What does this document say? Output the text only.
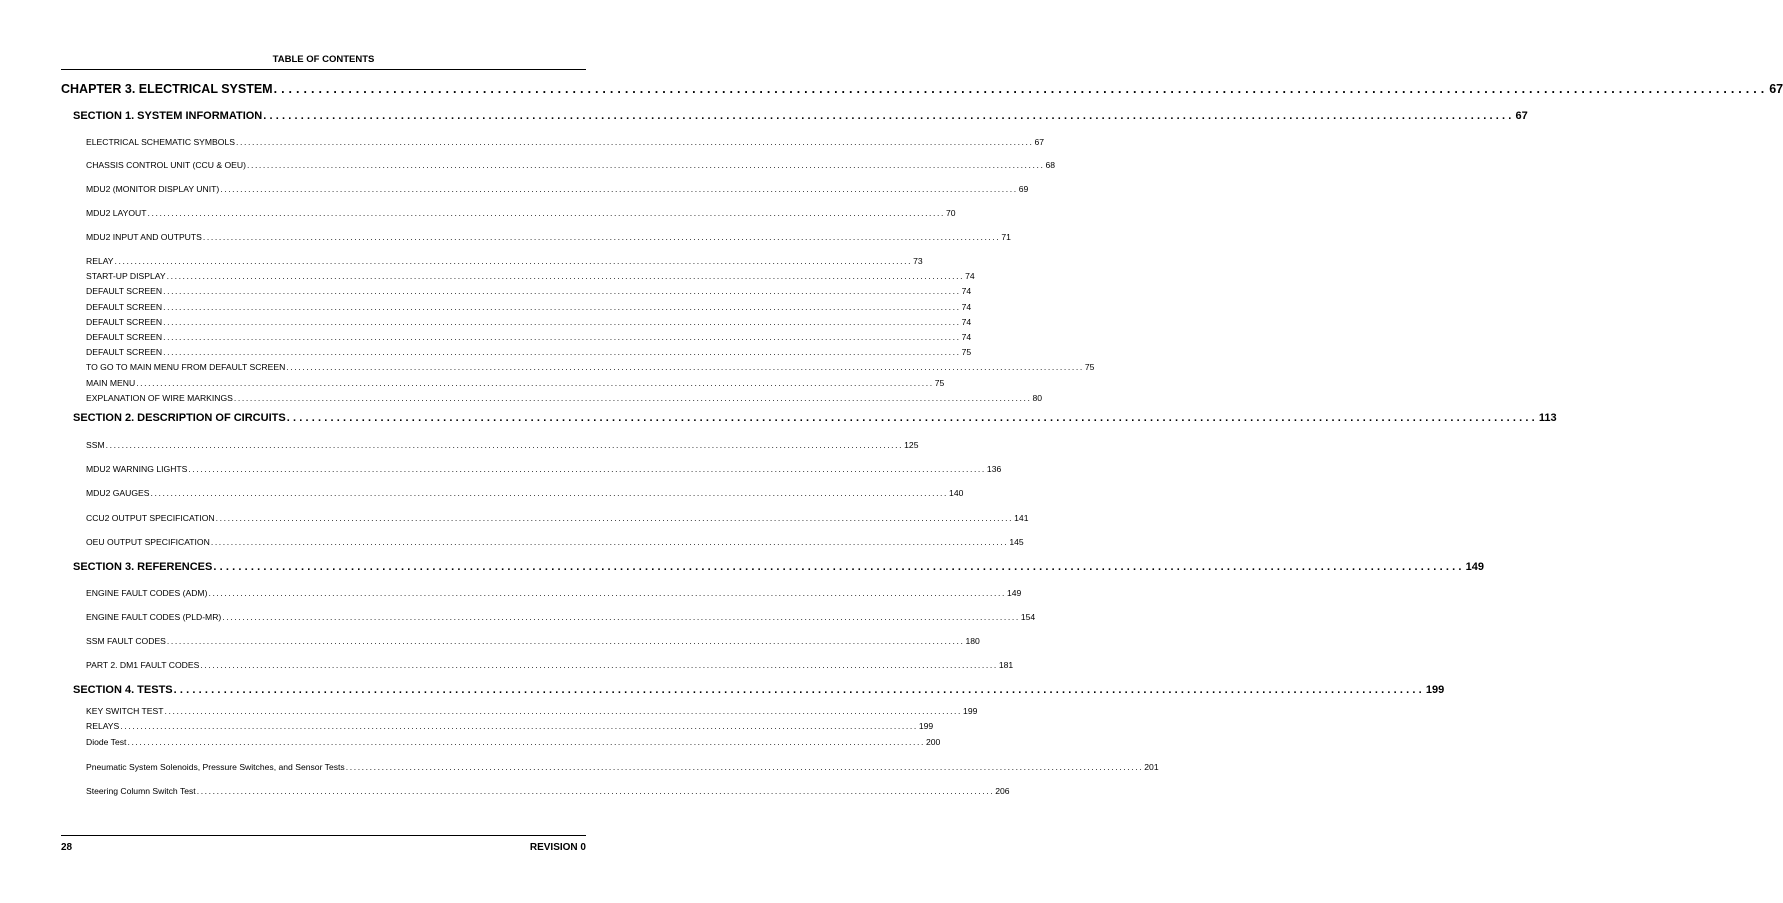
TABLE OF CONTENTS
CHAPTER 3. ELECTRICAL SYSTEM ........................................................................................................................................................................................................ 67
SECTION 1. SYSTEM INFORMATION ........................................................................................................................................................................................................ 67
ELECTRICAL SCHEMATIC SYMBOLS ........................................................................................................................................................................................................ 67
CHASSIS CONTROL UNIT (CCU & OEU) ........................................................................................................................................................................................................ 68
MDU2 (MONITOR DISPLAY UNIT) ........................................................................................................................................................................................................ 69
MDU2 LAYOUT ........................................................................................................................................................................................................ 70
MDU2 INPUT AND OUTPUTS ........................................................................................................................................................................................................ 71
RELAY ........................................................................................................................................................................................................ 73
START-UP DISPLAY ........................................................................................................................................................................................................ 74
DEFAULT SCREEN ........................................................................................................................................................................................................ 74
DEFAULT SCREEN ........................................................................................................................................................................................................ 74
DEFAULT SCREEN ........................................................................................................................................................................................................ 74
DEFAULT SCREEN ........................................................................................................................................................................................................ 74
DEFAULT SCREEN ........................................................................................................................................................................................................ 75
TO GO TO MAIN MENU FROM DEFAULT SCREEN ........................................................................................................................................................................................................ 75
MAIN MENU ........................................................................................................................................................................................................ 75
EXPLANATION OF WIRE MARKINGS ........................................................................................................................................................................................................ 80
SECTION 2. DESCRIPTION OF CIRCUITS ........................................................................................................................................................................................................ 113
SSM ........................................................................................................................................................................................................ 125
MDU2 WARNING LIGHTS ........................................................................................................................................................................................................ 136
MDU2 GAUGES ........................................................................................................................................................................................................ 140
CCU2 OUTPUT SPECIFICATION ........................................................................................................................................................................................................ 141
OEU OUTPUT SPECIFICATION ........................................................................................................................................................................................................ 145
SECTION 3. REFERENCES ........................................................................................................................................................................................................ 149
ENGINE FAULT CODES (ADM) ........................................................................................................................................................................................................ 149
ENGINE FAULT CODES (PLD-MR) ........................................................................................................................................................................................................ 154
SSM FAULT CODES ........................................................................................................................................................................................................ 180
PART 2. DM1 FAULT CODES ........................................................................................................................................................................................................ 181
SECTION 4. TESTS ........................................................................................................................................................................................................ 199
KEY SWITCH TEST ........................................................................................................................................................................................................ 199
RELAYS ........................................................................................................................................................................................................ 199
Diode Test ........................................................................................................................................................................................................ 200
Pneumatic System Solenoids, Pressure Switches, and Sensor Tests ........................................................................................................................................................................................................ 201
Steering Column Switch Test ........................................................................................................................................................................................................ 206
28	REVISION 0
